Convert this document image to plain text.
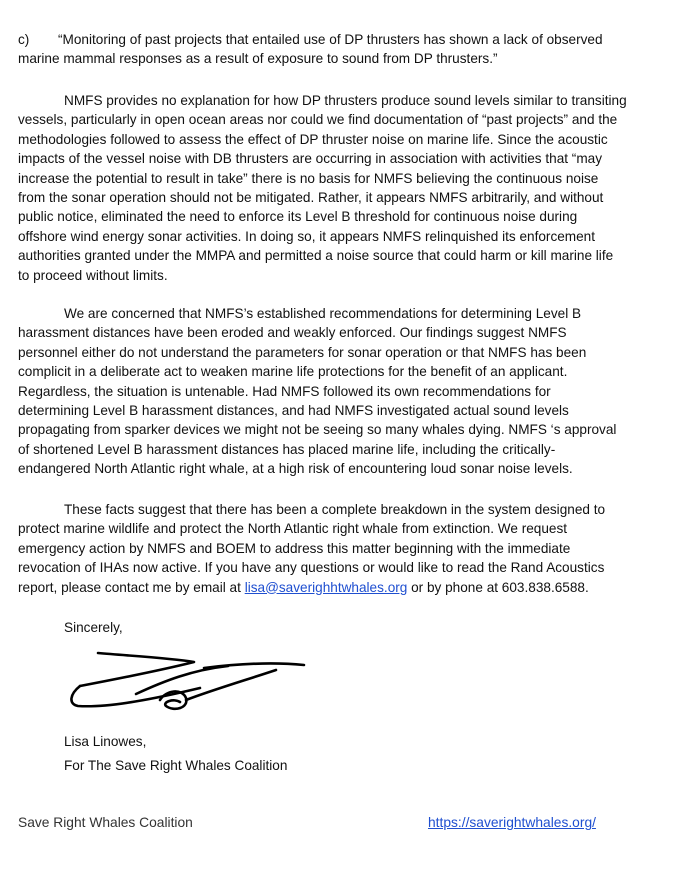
c) “Monitoring of past projects that entailed use of DP thrusters has shown a lack of observed
marine mammal responses as a result of exposure to sound from DP thrusters.”

NMFS provides no explanation for how DP thrusters produce sound levels similar to transiting
vessels, particularly in open ocean areas nor could we find documentation of “past projects” and the
methodologies followed to assess the effect of DP thruster noise on marine life. Since the acoustic
impacts of the vessel noise with DB thrusters are occurring in association with activities that “may
increase the potential to result in take” there is no basis for NMFS believing the continuous noise
from the sonar operation should not be mitigated. Rather, it appears NMFS arbitrarily, and without
public notice, eliminated the need to enforce its Level B threshold for continuous noise during
offshore wind energy sonar activities. In doing so, it appears NMFS relinquished its enforcement
authorities granted under the MMPA and permitted a noise source that could harm or kill marine life
to proceed without limits.

We are concerned that NMFS’s established recommendations for determining Level B
harassment distances have been eroded and weakly enforced. Our findings suggest NMFS
personnel either do not understand the parameters for sonar operation or that NMFS has been
complicit in a deliberate act to weaken marine life protections for the benefit of an applicant.
Regardless, the situation is untenable. Had NMFS followed its own recommendations for
determining Level B harassment distances, and had NMFS investigated actual sound levels
propagating from sparker devices we might not be seeing so many whales dying. NMFS ‘s approval
of shortened Level B harassment distances has placed marine life, including the critically-
endangered North Atlantic right whale, at a high risk of encountering loud sonar noise levels.

These facts suggest that there has been a complete breakdown in the system designed to
protect marine wildlife and protect the North Atlantic right whale from extinction. We request
emergency action by NMFS and BOEM to address this matter beginning with the immediate
revocation of IHAs now active. If you have any questions or would like to read the Rand Acoustics
report, please contact me by email at lisa@saverighhtwhales.org or by phone at 603.838.6588.

Sincerely,

Lisa Linowes,
For The Save Right Whales Coalition

Save Right Whales Coalition	https://saverightwhales.org/
